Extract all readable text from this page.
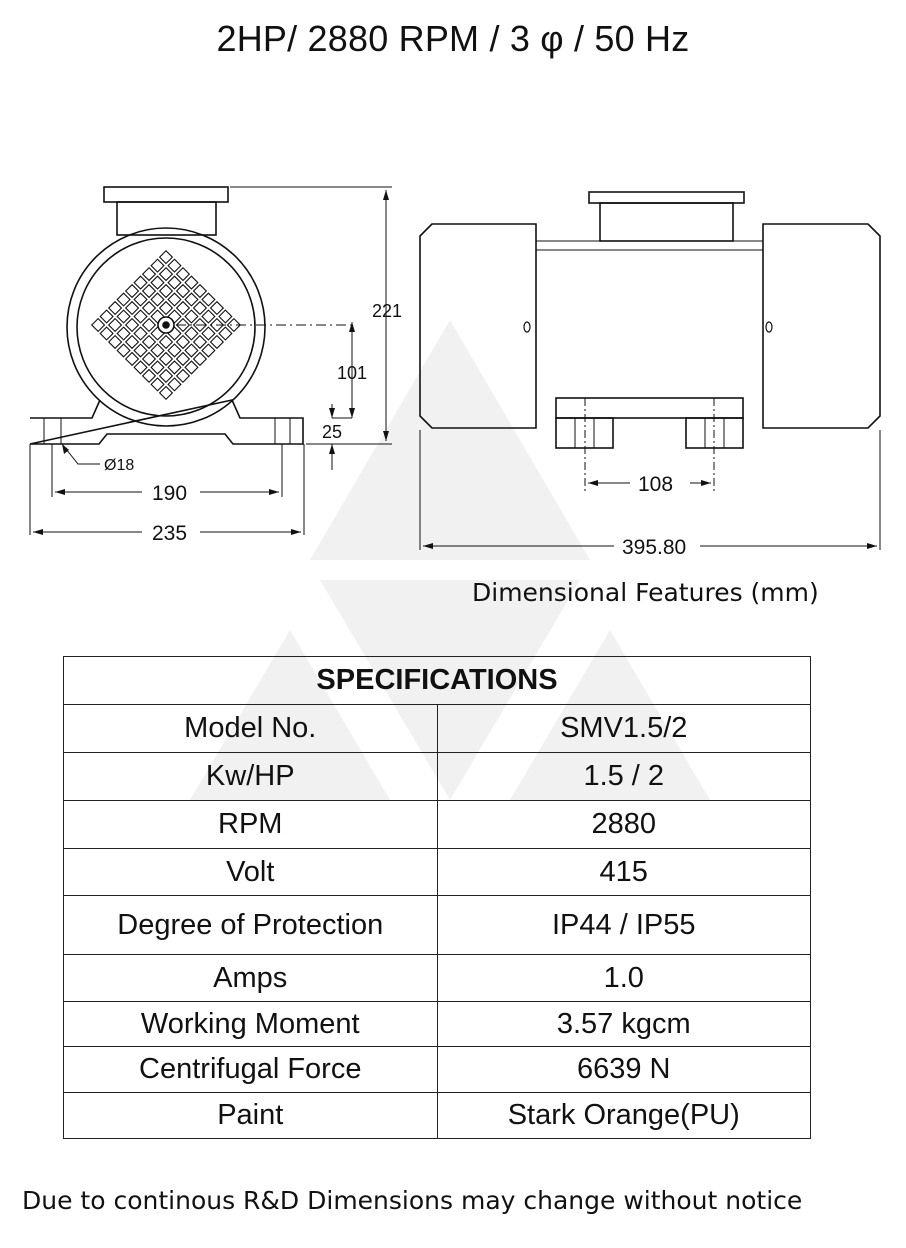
2HP/ 2880 RPM / 3 φ / 50 Hz
221
101
25
Ø18
190
235
108
395.80
Dimensional Features (mm)
SPECIFICATIONS	
Model No.	SMV1.5/2
Kw/HP	1.5 / 2
RPM	2880
Volt	415
Degree of Protection	IP44 / IP55
Amps	1.0
Working Moment	3.57 kgcm
Centrifugal Force	6639 N
Paint	Stark Orange(PU)
Due to continous R&D Dimensions may change without notice
